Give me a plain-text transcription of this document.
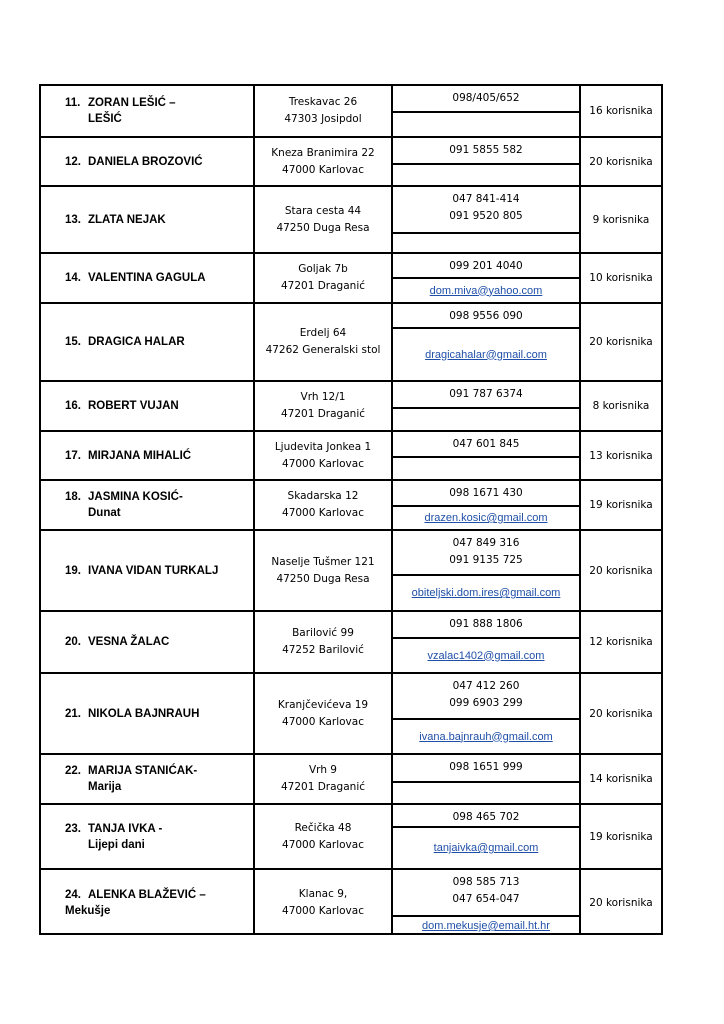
11. ZORAN LEŠIĆ –
LEŠIĆ
Treskavac 26
47303 Josipdol
098/405/652
16 korisnika
12. DANIELA BROZOVIĆ
Kneza Branimira 22
47000 Karlovac
091 5855 582
20 korisnika
13. ZLATA NEJAK
Stara cesta 44
47250 Duga Resa
047 841-414
091 9520 805	9 korisnika
14. VALENTINA GAGULA
Goljak 7b
47201 Draganić
099 201 4040
dom.miva@yahoo.com
10 korisnika
15. DRAGICA HALAR
Erdelj 64
47262 Generalski stol
098 9556 090
dragicahalar@gmail.com
20 korisnika
16. ROBERT VUJAN
Vrh 12/1
47201 Draganić
091 787 6374
8 korisnika
17. MIRJANA MIHALIĆ
Ljudevita Jonkea 1
47000 Karlovac
047 601 845
13 korisnika
18. JASMINA KOSIĆ-
Dunat
Skadarska 12
47000 Karlovac
098 1671 430
drazen.kosic@gmail.com
19 korisnika
19. IVANA VIDAN TURKALJ
Naselje Tušmer 121
47250 Duga Resa
047 849 316
091 9135 725
obiteljski.dom.ires@gmail.com
20 korisnika
20. VESNA ŽALAC
Barilović 99
47252 Barilović
091 888 1806
vzalac1402@gmail.com
12 korisnika
21. NIKOLA BAJNRAUH
Kranjčevićeva 19
47000 Karlovac
047 412 260
099 6903 299
ivana.bajnrauh@gmail.com
20 korisnika
22. MARIJA STANIĆAK-
Marija
Vrh 9
47201 Draganić
098 1651 999
14 korisnika
23. TANJA IVKA -
Lijepi dani
Rečička 48
47000 Karlovac
098 465 702
tanjaivka@gmail.com
19 korisnika
24. ALENKA BLAŽEVIĆ – Mekušje
Klanac 9,
47000 Karlovac
098 585 713
047 654-047
dom.mekusje@email.ht.hr
20 korisnika
